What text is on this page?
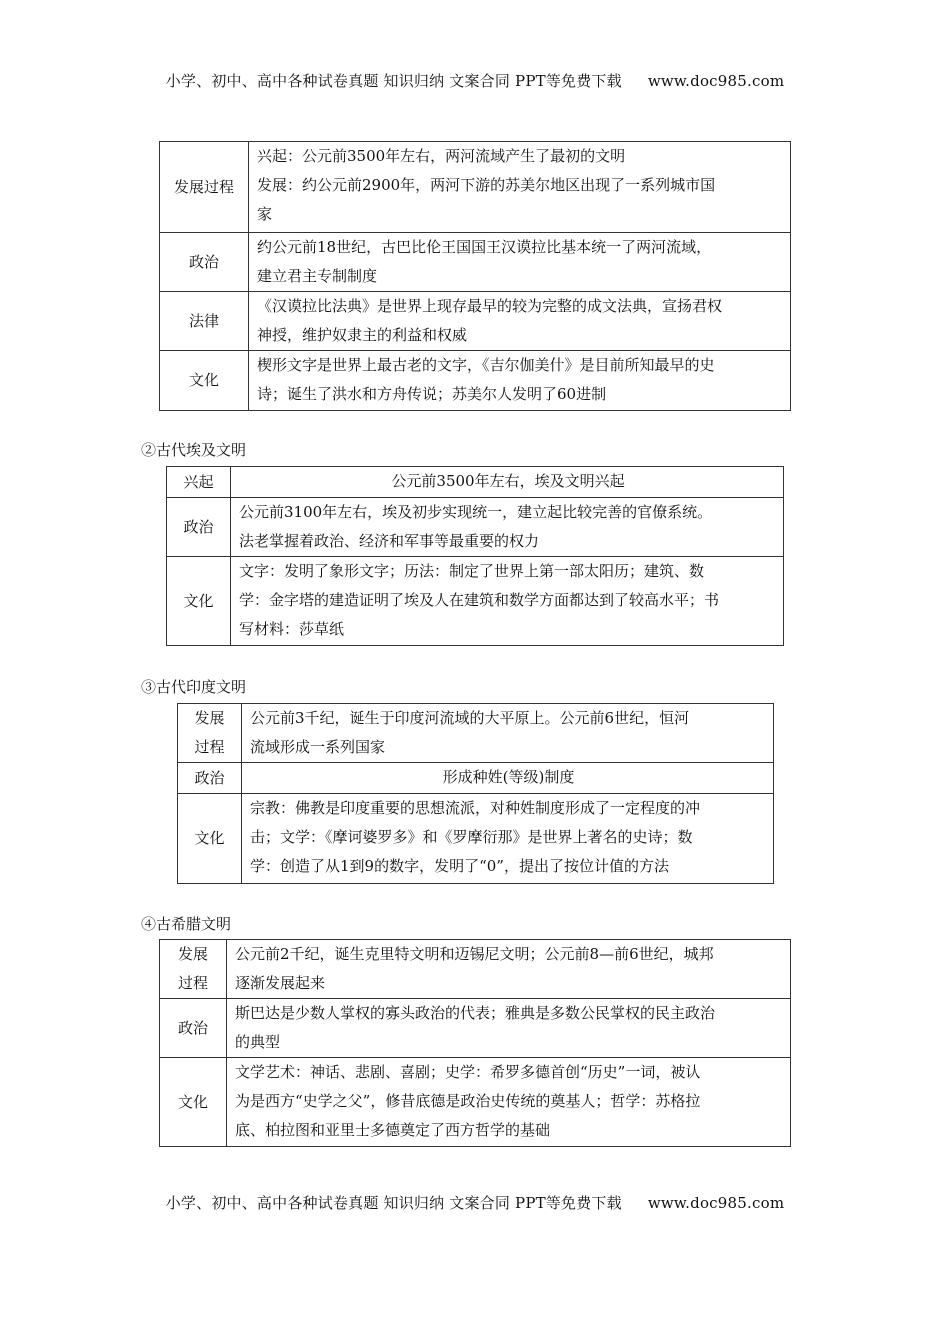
小学、初中、高中各种试卷真题 知识归纳 文案合同 PPT等免费下载 www.doc985.com
发展过程	兴起：公元前3500年左右，两河流域产生了最初的文明
发展：约公元前2900年，两河下游的苏美尔地区出现了一系列城市国
家

政治	约公元前18世纪，古巴比伦王国国王汉谟拉比基本统一了两河流域，
建立君主专制制度

法律	《汉谟拉比法典》是世界上现存最早的较为完整的成文法典，宣扬君权
神授，维护奴隶主的利益和权威

文化	楔形文字是世界上最古老的文字，《吉尔伽美什》是目前所知最早的史
诗；诞生了洪水和方舟传说；苏美尔人发明了60进制
②古代埃及文明
兴起	公元前3500年左右，埃及文明兴起

政治	公元前3100年左右，埃及初步实现统一，建立起比较完善的官僚系统。
法老掌握着政治、经济和军事等最重要的权力

文化	文字：发明了象形文字；历法：制定了世界上第一部太阳历；建筑、数
学：金字塔的建造证明了埃及人在建筑和数学方面都达到了较高水平；书
写材料：莎草纸
③古代印度文明
发展
过程	公元前3千纪，诞生于印度河流域的大平原上。公元前6世纪，恒河
流域形成一系列国家

政治	形成种姓(等级)制度

文化	宗教：佛教是印度重要的思想流派，对种姓制度形成了一定程度的冲
击；文学：《摩诃婆罗多》和《罗摩衍那》是世界上著名的史诗；数
学：创造了从1到9的数字，发明了“0”，提出了按位计值的方法
④古希腊文明
发展
过程	公元前2千纪，诞生克里特文明和迈锡尼文明；公元前8—前6世纪，城邦
逐渐发展起来

政治	斯巴达是少数人掌权的寡头政治的代表；雅典是多数公民掌权的民主政治
的典型

文化	文学艺术：神话、悲剧、喜剧；史学：希罗多德首创“历史”一词，被认
为是西方“史学之父”，修昔底德是政治史传统的奠基人；哲学：苏格拉
底、柏拉图和亚里士多德奠定了西方哲学的基础
小学、初中、高中各种试卷真题 知识归纳 文案合同 PPT等免费下载 www.doc985.com
